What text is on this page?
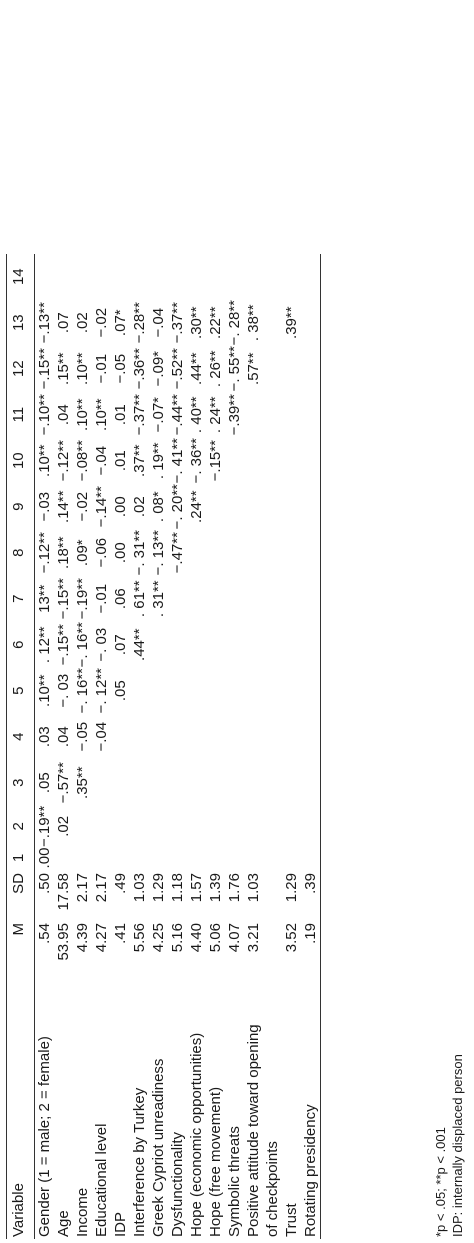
Variable	M	SD	1	2	3	4	5	6	7	8	9	10	11	12	13	14
Gender (1 = male; 2 = female)	.54	.50	.00	−.19**	.05	.03	.10**	. 12**	13**	−.12**	−.03	.10**	−.10**	−.15**	−.13**	
Age	53.95	17.58		.02	−.57**	.04	−. 03	−.15**	−.15**	.18**	.14**	−.12**	.04	.15**	.07	
Income	4.39	2.17			.35**	−.05	−. 16**	−. 16**	−.19**	.09*	−.02	−.08**	.10**	.10**	.02	
Educational level	4.27	2.17				−.04	−. 12**	−. 03	−.01	−.06	−.14**	−.04	.10**	−.01	−.02	
IDP	.41	.49					.05	.07	.06	.00	.00	.01	.01	−.05	.07*	
Interference by Turkey	5.56	1.03						.44**	. 61**	−. 31**	.02	.37**	−.37**	−.36**	−.28**	
Greek Cypriot unreadiness	4.25	1.29							. 31**	−. 13**	. 08*	. 19**	−.07*	−.09*	−.04	
Dysfunctionality	5.16	1.18								−.47**	−. 20**	−. 41**	−.44**	−.52**	−.37**	
Hope (economic opportunities)	4.40	1.57									.24**	−. 36**	. 40**	.44**	.30**	
Hope (free movement)	5.06	1.39										−.15**	. 24**	. 26**	.22**	
Symbolic threats	4.07	1.76											−.39**	−. 55**	−. 28**	
Positive attitude toward opening	3.21	1.03												.57**	. 38**	
of checkpoints																
Trust	3.52	1.29													.39**	
Rotating presidency	.19	.39														
*p < .05; **p < .001 IDP: internally displaced person
